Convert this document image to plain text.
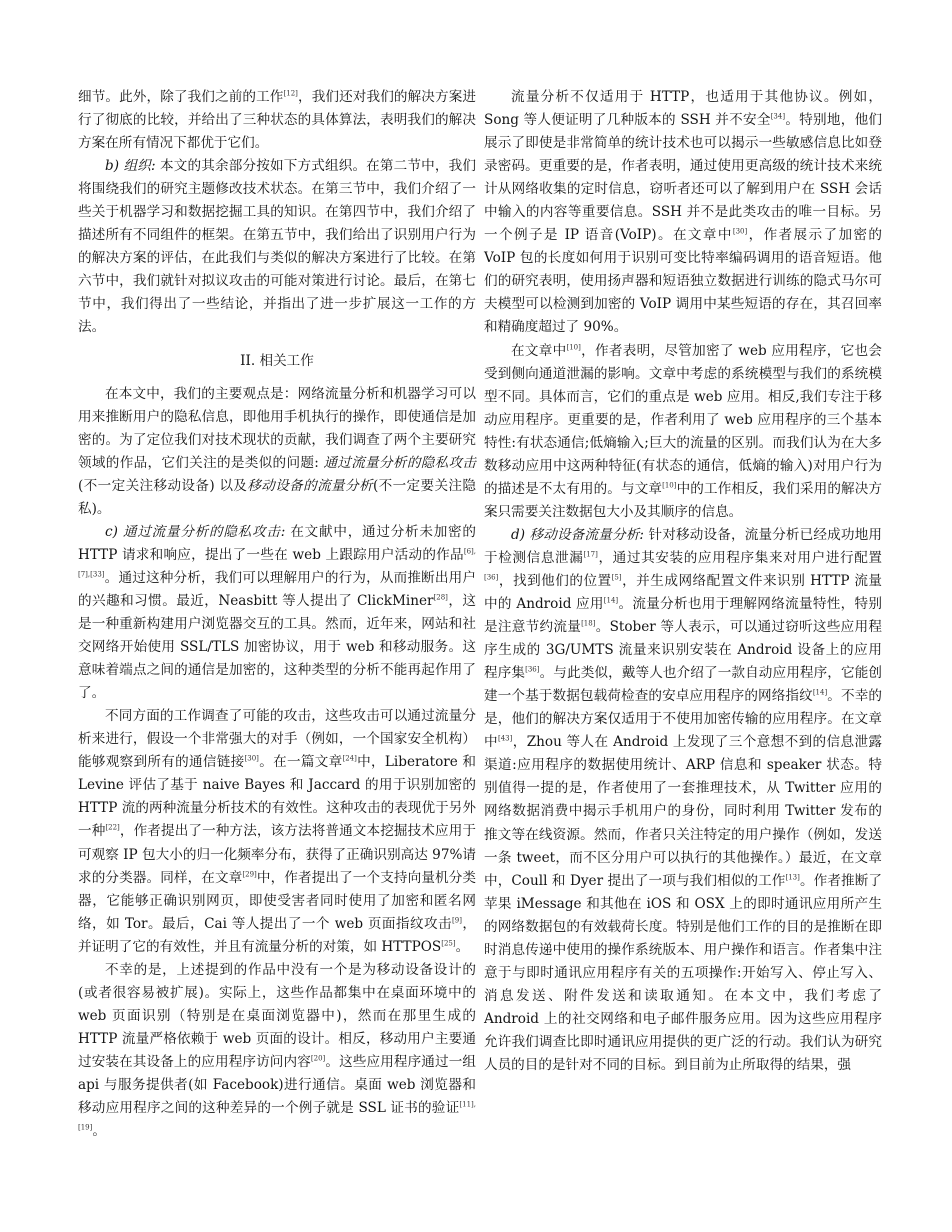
细节。此外，除了我们之前的工作[12]，我们还对我们的解决方案进行了彻底的比较，并给出了三种状态的具体算法，表明我们的解决方案在所有情况下都优于它们。

b) 组织: 本文的其余部分按如下方式组织。在第二节中，我们将围绕我们的研究主题修改技术状态。在第三节中，我们介绍了一些关于机器学习和数据挖掘工具的知识。在第四节中，我们介绍了描述所有不同组件的框架。在第五节中，我们给出了识别用户行为的解决方案的评估，在此我们与类似的解决方案进行了比较。在第六节中，我们就针对拟议攻击的可能对策进行讨论。最后，在第七节中，我们得出了一些结论，并指出了进一步扩展这一工作的方法。

II. 相关工作

在本文中，我们的主要观点是：网络流量分析和机器学习可以用来推断用户的隐私信息，即他用手机执行的操作，即使通信是加密的。为了定位我们对技术现状的贡献，我们调查了两个主要研究领域的作品，它们关注的是类似的问题: 通过流量分析的隐私攻击(不一定关注移动设备) 以及移动设备的流量分析(不一定要关注隐私)。

c) 通过流量分析的隐私攻击: 在文献中，通过分析未加密的 HTTP 请求和响应，提出了一些在 web 上跟踪用户活动的作品[6],[7],[33]。通过这种分析，我们可以理解用户的行为，从而推断出用户的兴趣和习惯。最近，Neasbitt 等人提出了 ClickMiner[28]，这是一种重新构建用户浏览器交互的工具。然而，近年来，网站和社交网络开始使用 SSL/TLS 加密协议，用于 web 和移动服务。这意味着端点之间的通信是加密的，这种类型的分析不能再起作用了了。

不同方面的工作调查了可能的攻击，这些攻击可以通过流量分析来进行，假设一个非常强大的对手（例如，一个国家安全机构）能够观察到所有的通信链接[30]。在一篇文章[24]中，Liberatore 和 Levine 评估了基于 naive Bayes 和 Jaccard 的用于识别加密的 HTTP 流的两种流量分析技术的有效性。这种攻击的表现优于另外一种[22]，作者提出了一种方法，该方法将普通文本挖掘技术应用于可观察 IP 包大小的归一化频率分布，获得了正确识别高达 97%请求的分类器。同样，在文章[29]中，作者提出了一个支持向量机分类器，它能够正确识别网页，即使受害者同时使用了加密和匿名网络，如 Tor。最后，Cai 等人提出了一个 web 页面指纹攻击[9]，并证明了它的有效性，并且有流量分析的对策，如 HTTPOS[25]。

不幸的是，上述提到的作品中没有一个是为移动设备设计的(或者很容易被扩展)。实际上，这些作品都集中在桌面环境中的 web 页面识别（特别是在桌面浏览器中)，然而在那里生成的 HTTP 流量严格依赖于 web 页面的设计。相反，移动用户主要通过安装在其设备上的应用程序访问内容[20]。这些应用程序通过一组 api 与服务提供者(如 Facebook)进行通信。桌面 web 浏览器和移动应用程序之间的这种差异的一个例子就是 SSL 证书的验证[11],[19]。

流量分析不仅适用于 HTTP，也适用于其他协议。例如，Song 等人便证明了几种版本的 SSH 并不安全[34]。特别地，他们展示了即使是非常简单的统计技术也可以揭示一些敏感信息比如登录密码。更重要的是，作者表明，通过使用更高级的统计技术来统计从网络收集的定时信息，窃听者还可以了解到用户在 SSH 会话中输入的内容等重要信息。SSH 并不是此类攻击的唯一目标。另一个例子是 IP 语音(VoIP)。在文章中[30]，作者展示了加密的 VoIP 包的长度如何用于识别可变比特率编码调用的语音短语。他们的研究表明，使用扬声器和短语独立数据进行训练的隐式马尔可夫模型可以检测到加密的 VoIP 调用中某些短语的存在，其召回率和精确度超过了 90%。

在文章中[10]，作者表明，尽管加密了 web 应用程序，它也会受到侧向通道泄漏的影响。文章中考虑的系统模型与我们的系统模型不同。具体而言，它们的重点是 web 应用。相反,我们专注于移动应用程序。更重要的是，作者利用了 web 应用程序的三个基本特性:有状态通信;低熵输入;巨大的流量的区别。而我们认为在大多数移动应用中这两种特征(有状态的通信，低熵的输入)对用户行为的描述是不太有用的。与文章[10]中的工作相反，我们采用的解决方案只需要关注数据包大小及其顺序的信息。

d) 移动设备流量分析: 针对移动设备，流量分析已经成功地用于检测信息泄漏[17]，通过其安装的应用程序集来对用户进行配置[36]，找到他们的位置[5]，并生成网络配置文件来识别 HTTP 流量中的 Android 应用[14]。流量分析也用于理解网络流量特性，特别是注意节约流量[18]。Stober 等人表示，可以通过窃听这些应用程序生成的 3G/UMTS 流量来识别安装在 Android 设备上的应用程序集[36]。与此类似，戴等人也介绍了一款自动应用程序，它能创建一个基于数据包载荷检查的安卓应用程序的网络指纹[14]。不幸的是，他们的解决方案仅适用于不使用加密传输的应用程序。在文章中[43]，Zhou 等人在 Android 上发现了三个意想不到的信息泄露渠道:应用程序的数据使用统计、ARP 信息和 speaker 状态。特别值得一提的是，作者使用了一套推理技术，从 Twitter 应用的网络数据消费中揭示手机用户的身份，同时利用 Twitter 发布的推文等在线资源。然而，作者只关注特定的用户操作（例如，发送一条 tweet，而不区分用户可以执行的其他操作。）最近，在文章中，Coull 和 Dyer 提出了一项与我们相似的工作[13]。作者推断了苹果 iMessage 和其他在 iOS 和 OSX 上的即时通讯应用所产生的网络数据包的有效载荷长度。特别是他们工作的目的是推断在即时消息传递中使用的操作系统版本、用户操作和语言。作者集中注意于与即时通讯应用程序有关的五项操作:开始写入、停止写入、消息发送、附件发送和读取通知。在本文中，我们考虑了 Android 上的社交网络和电子邮件服务应用。因为这些应用程序允许我们调查比即时通讯应用提供的更广泛的行动。我们认为研究人员的目的是针对不同的目标。到目前为止所取得的结果，强
